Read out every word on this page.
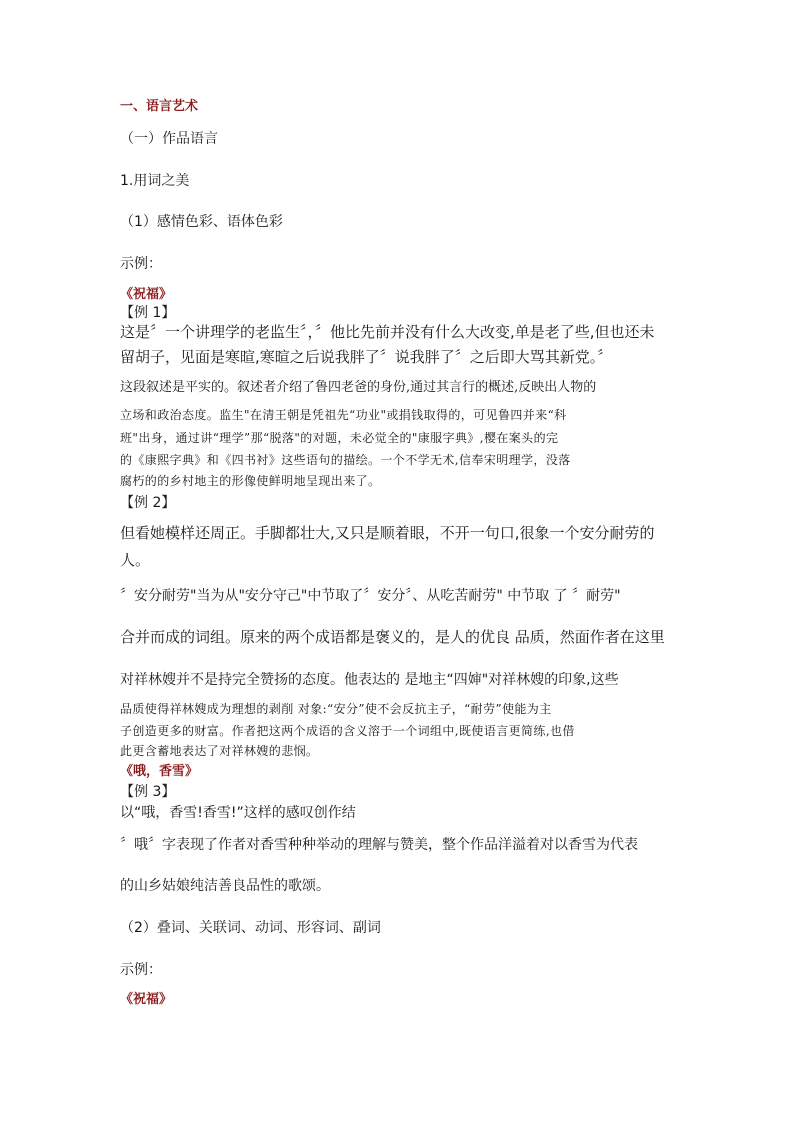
一、语言艺术
（一）作品语言
1.用词之美
（1）感情色彩、语体色彩
示例：
《祝福》
【例 1】
这是〞一个讲理学的老监生〞，〞他比先前并没有什么大改变,单是老了些,但也还未
留胡子，见面是寒暄,寒暄之后说我胖了〞说我胖了〞之后即大骂其新党。〞
这段叙述是平实的。叙述者介绍了鲁四老爸的身份,通过其言行的概述,反映出人物的
立场和政治态度。监生"在清王朝是凭祖先“功业"或捐钱取得的，可见鲁四并来“科
班"出身，通过讲“理学”那“脱落"的对题，未必觉全的"康服字典》,樱在案头的完
的《康熙字典》和《四书衬》这些语句的描绘。一个不学无术,信奉宋明理学，没落
腐朽的的乡村地主的形像使鲜明地呈现出来了。
【例 2】
但看她模样还周正。手脚都壮大,又只是顺着眼，不开一句口,很象一个安分耐劳的
人。
〞安分耐劳"当为从"安分守己"中节取了〞安分〞、从吃苦耐劳" 中节取 了 〞耐劳"
合并而成的词组。原来的两个成语都是褒义的，是人的优良 品质，然面作者在这里
对祥林嫂并不是持完全赞扬的态度。他表达的 是地主“四婶"对祥林嫂的印象,这些
品质使得祥林嫂成为理想的剥削 对象:“安分”使不会反抗主子，“耐劳”使能为主
子创造更多的财富。作者把这两个成语的含义溶于一个词组中,既使语言更简练,也借
此更含蓄地表达了对祥林嫂的悲悯。
《哦，香雪》
【例 3】
以“哦，香雪!香雪!”这样的感叹创作结
〞哦〞字表现了作者对香雪种种举动的理解与赞美，整个作品洋溢着对以香雪为代表
的山乡姑娘纯洁善良品性的歌颂。
（2）叠词、关联词、动词、形容词、副词
示例：
《祝福》
